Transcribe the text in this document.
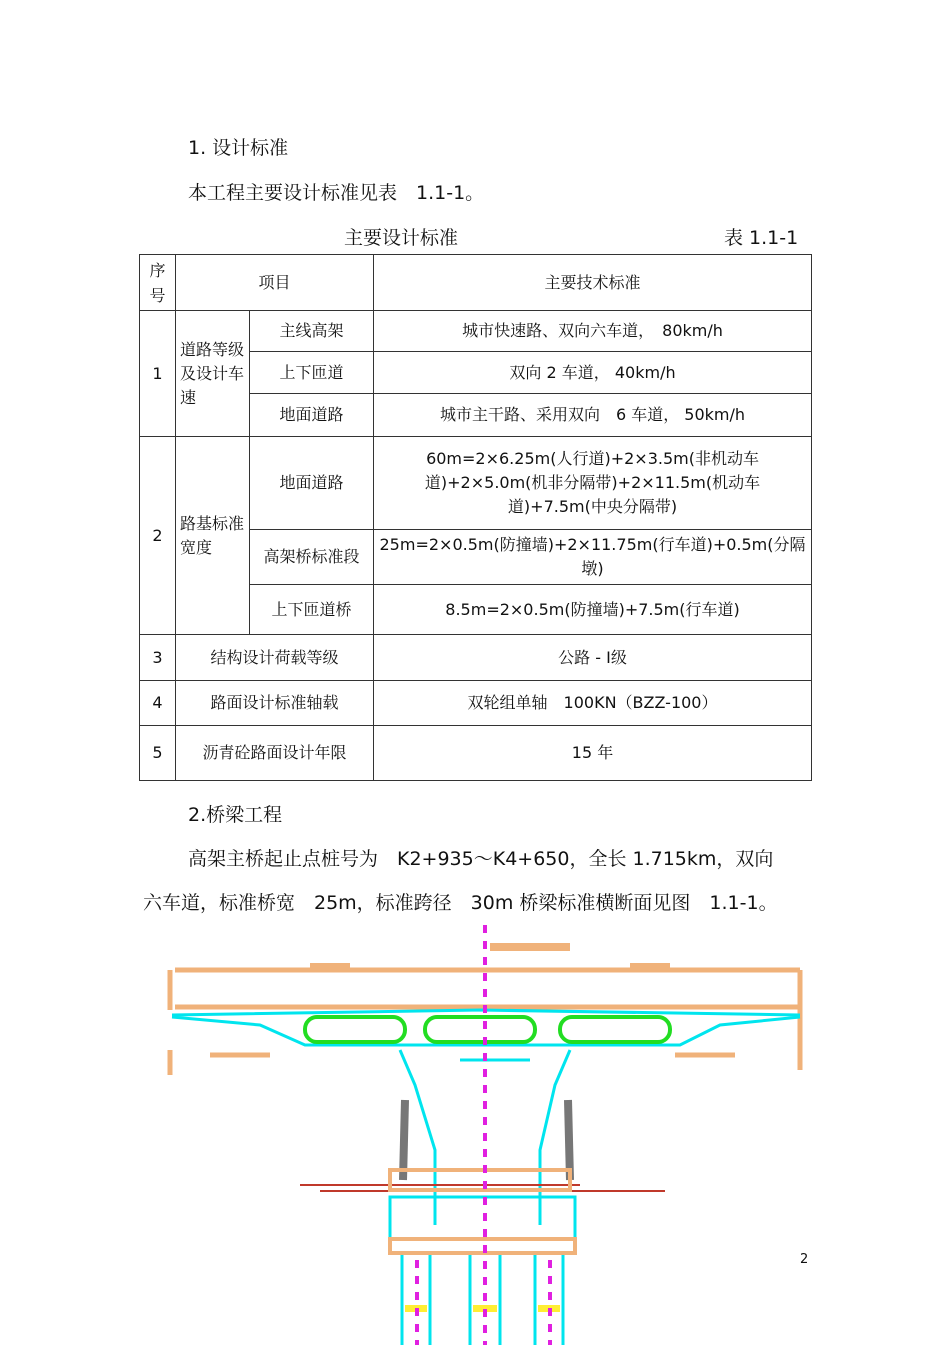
1. 设计标准
本工程主要设计标准见表　1.1-1。
主要设计标准	表 1.1-1
序号	项目		主要技术标准
1	道路等级及设计车速	主线高架	城市快速路、双向六车道，　80km/h
		上下匝道	双向 2 车道， 40km/h
		地面道路	城市主干路、采用双向　6 车道， 50km/h
2	路基标准宽度	地面道路	60m=2×6.25m(人行道)+2×3.5m(非机动车道)+2×5.0m(机非分隔带)+2×11.5m(机动车道)+7.5m(中央分隔带)
		高架桥标准段	25m=2×0.5m(防撞墙)+2×11.75m(行车道)+0.5m(分隔墩)
		上下匝道桥	8.5m=2×0.5m(防撞墙)+7.5m(行车道)
3	结构设计荷载等级		公路 - Ⅰ级
4	路面设计标准轴载		双轮组单轴　100KN（BZZ-100）
5	沥青砼路面设计年限		15 年
2.桥梁工程
高架主桥起止点桩号为　K2+935～K4+650，全长 1.715km，双向
六车道，标准桥宽　25m，标准跨径　30m 桥梁标准横断面见图　1.1-1。
2
